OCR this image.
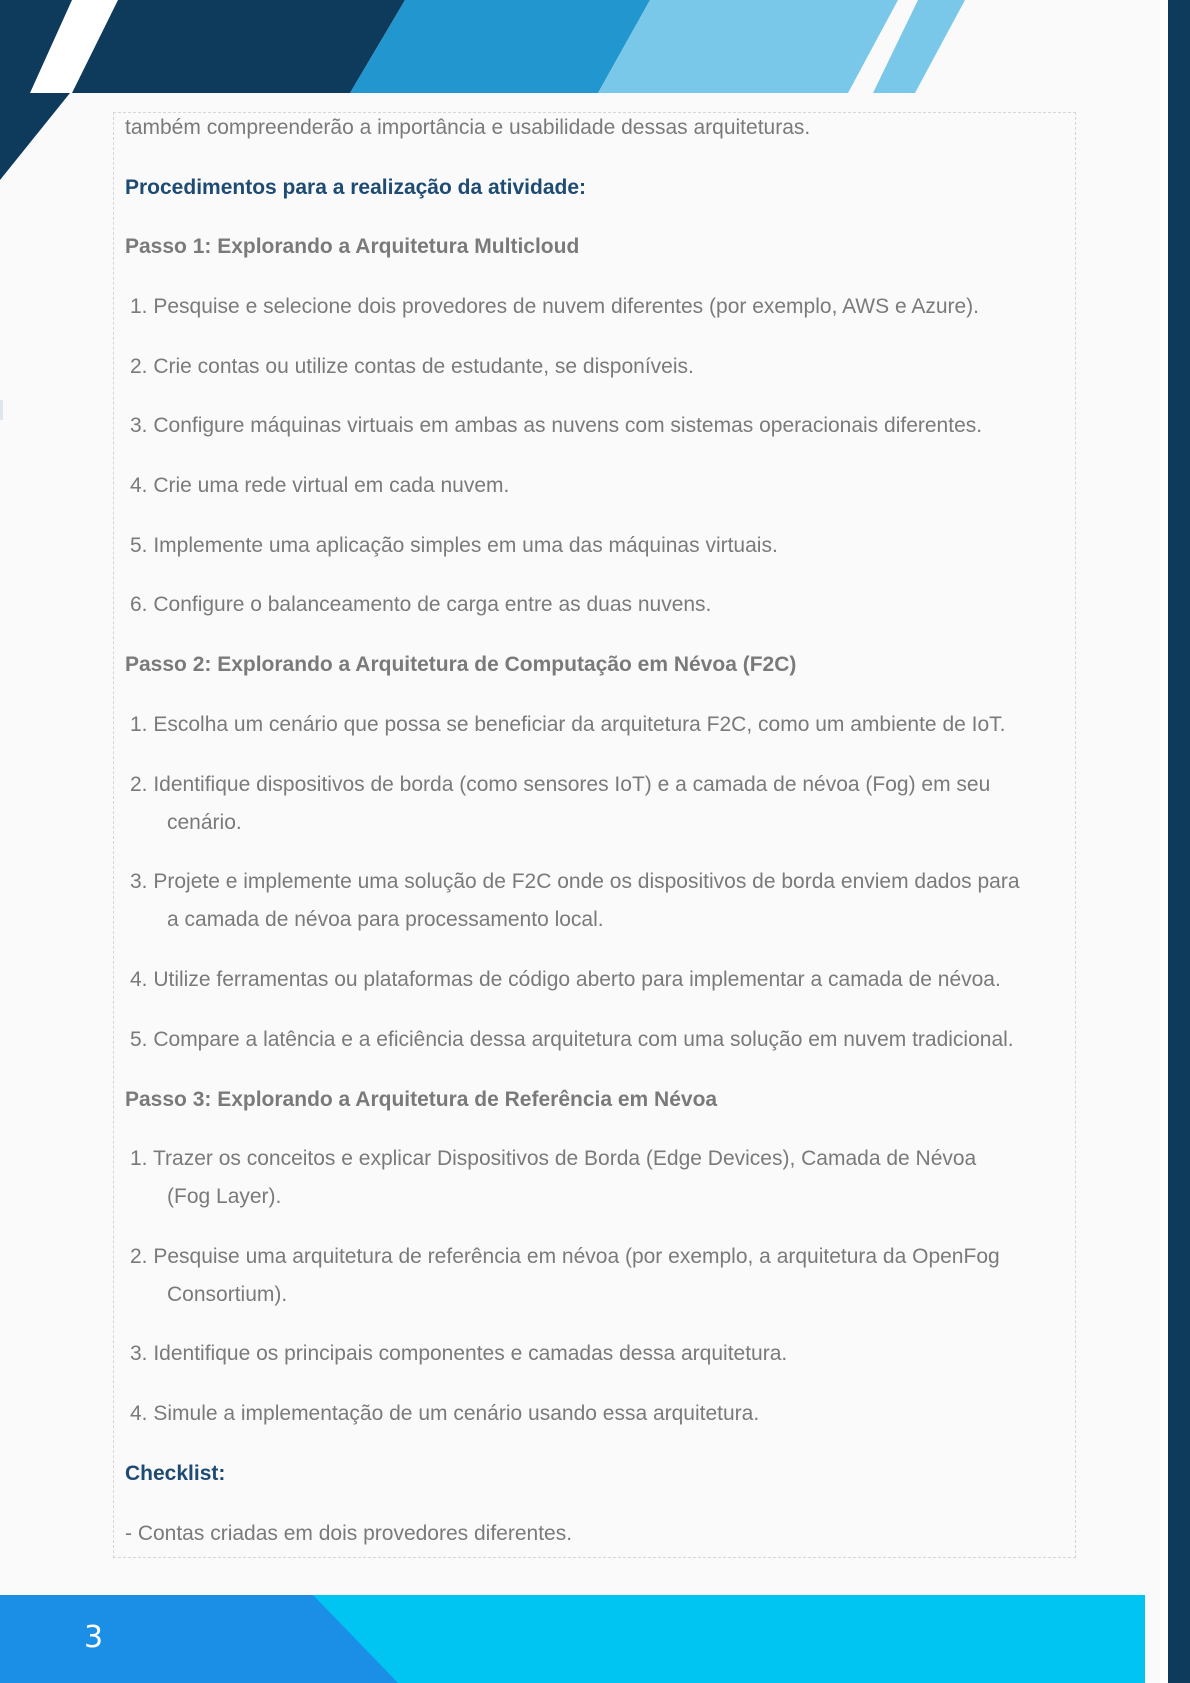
também compreenderão a importância e usabilidade dessas arquiteturas.
Procedimentos para a realização da atividade:
Passo 1: Explorando a Arquitetura Multicloud
1. Pesquise e selecione dois provedores de nuvem diferentes (por exemplo, AWS e Azure).
2. Crie contas ou utilize contas de estudante, se disponíveis.
3. Configure máquinas virtuais em ambas as nuvens com sistemas operacionais diferentes.
4. Crie uma rede virtual em cada nuvem.
5. Implemente uma aplicação simples em uma das máquinas virtuais.
6. Configure o balanceamento de carga entre as duas nuvens.
Passo 2: Explorando a Arquitetura de Computação em Névoa (F2C)
1. Escolha um cenário que possa se beneficiar da arquitetura F2C, como um ambiente de IoT.
2. Identifique dispositivos de borda (como sensores IoT) e a camada de névoa (Fog) em seu
cenário.
3. Projete e implemente uma solução de F2C onde os dispositivos de borda enviem dados para
a camada de névoa para processamento local.
4. Utilize ferramentas ou plataformas de código aberto para implementar a camada de névoa.
5. Compare a latência e a eficiência dessa arquitetura com uma solução em nuvem tradicional.
Passo 3: Explorando a Arquitetura de Referência em Névoa
1. Trazer os conceitos e explicar Dispositivos de Borda (Edge Devices), Camada de Névoa
(Fog Layer).
2. Pesquise uma arquitetura de referência em névoa (por exemplo, a arquitetura da OpenFog
Consortium).
3. Identifique os principais componentes e camadas dessa arquitetura.
4. Simule a implementação de um cenário usando essa arquitetura.
Checklist:
- Contas criadas em dois provedores diferentes.
3
